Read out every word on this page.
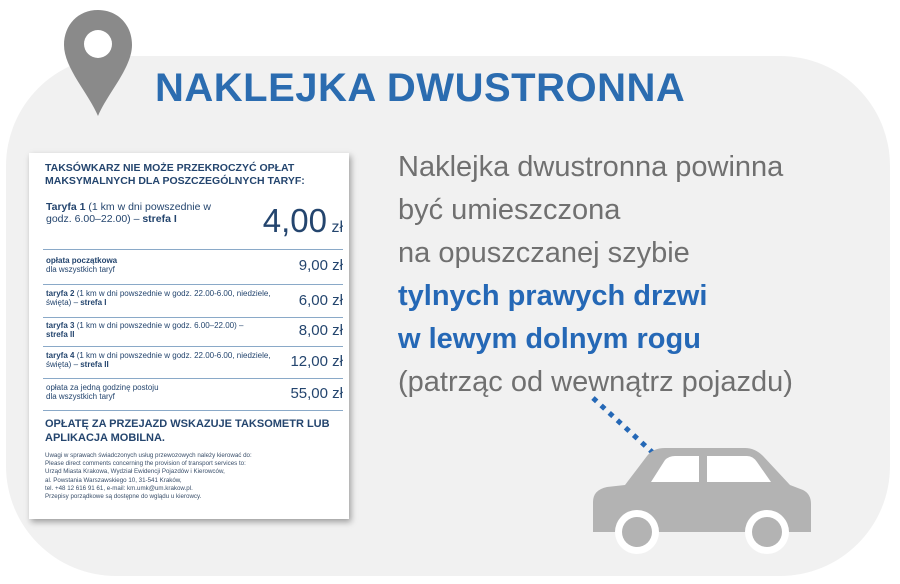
NAKLEJKA DWUSTRONNA
TAKSÓWKARZ NIE MOŻE PRZEKROCZYĆ OPŁAT MAKSYMALNYCH DLA POSZCZEGÓLNYCH TARYF:
Taryfa 1 (1 km w dni powszednie w godz. 6.00–22.00) – strefa I	4,00 zł
opłata początkowa
dla wszystkich taryf	9,00 zł
taryfa 2 (1 km w dni powszednie w godz. 22.00-6.00, niedziele, święta) – strefa I	6,00 zł
taryfa 3 (1 km w dni powszednie w godz. 6.00–22.00) – strefa II	8,00 zł
taryfa 4 (1 km w dni powszednie w godz. 22.00-6.00, niedziele, święta) – strefa II	12,00 zł
opłata za jedną godzinę postoju
dla wszystkich taryf	55,00 zł
OPŁATĘ ZA PRZEJAZD WSKAZUJE TAKSOMETR LUB APLIKACJA MOBILNA.
Uwagi w sprawach świadczonych usług przewozowych należy kierować do:
Please direct comments concerning the provision of transport services to:
Urząd Miasta Krakowa, Wydział Ewidencji Pojazdów i Kierowców,
al. Powstania Warszawskiego 10, 31-541 Kraków,
tel. +48 12 616 91 61, e-mail: km.umk@um.krakow.pl.
Przepisy porządkowe są dostępne do wglądu u kierowcy.
Naklejka dwustronna powinna
być umieszczona
na opuszczanej szybie
tylnych prawych drzwi
w lewym dolnym rogu
(patrząc od wewnątrz pojazdu)
